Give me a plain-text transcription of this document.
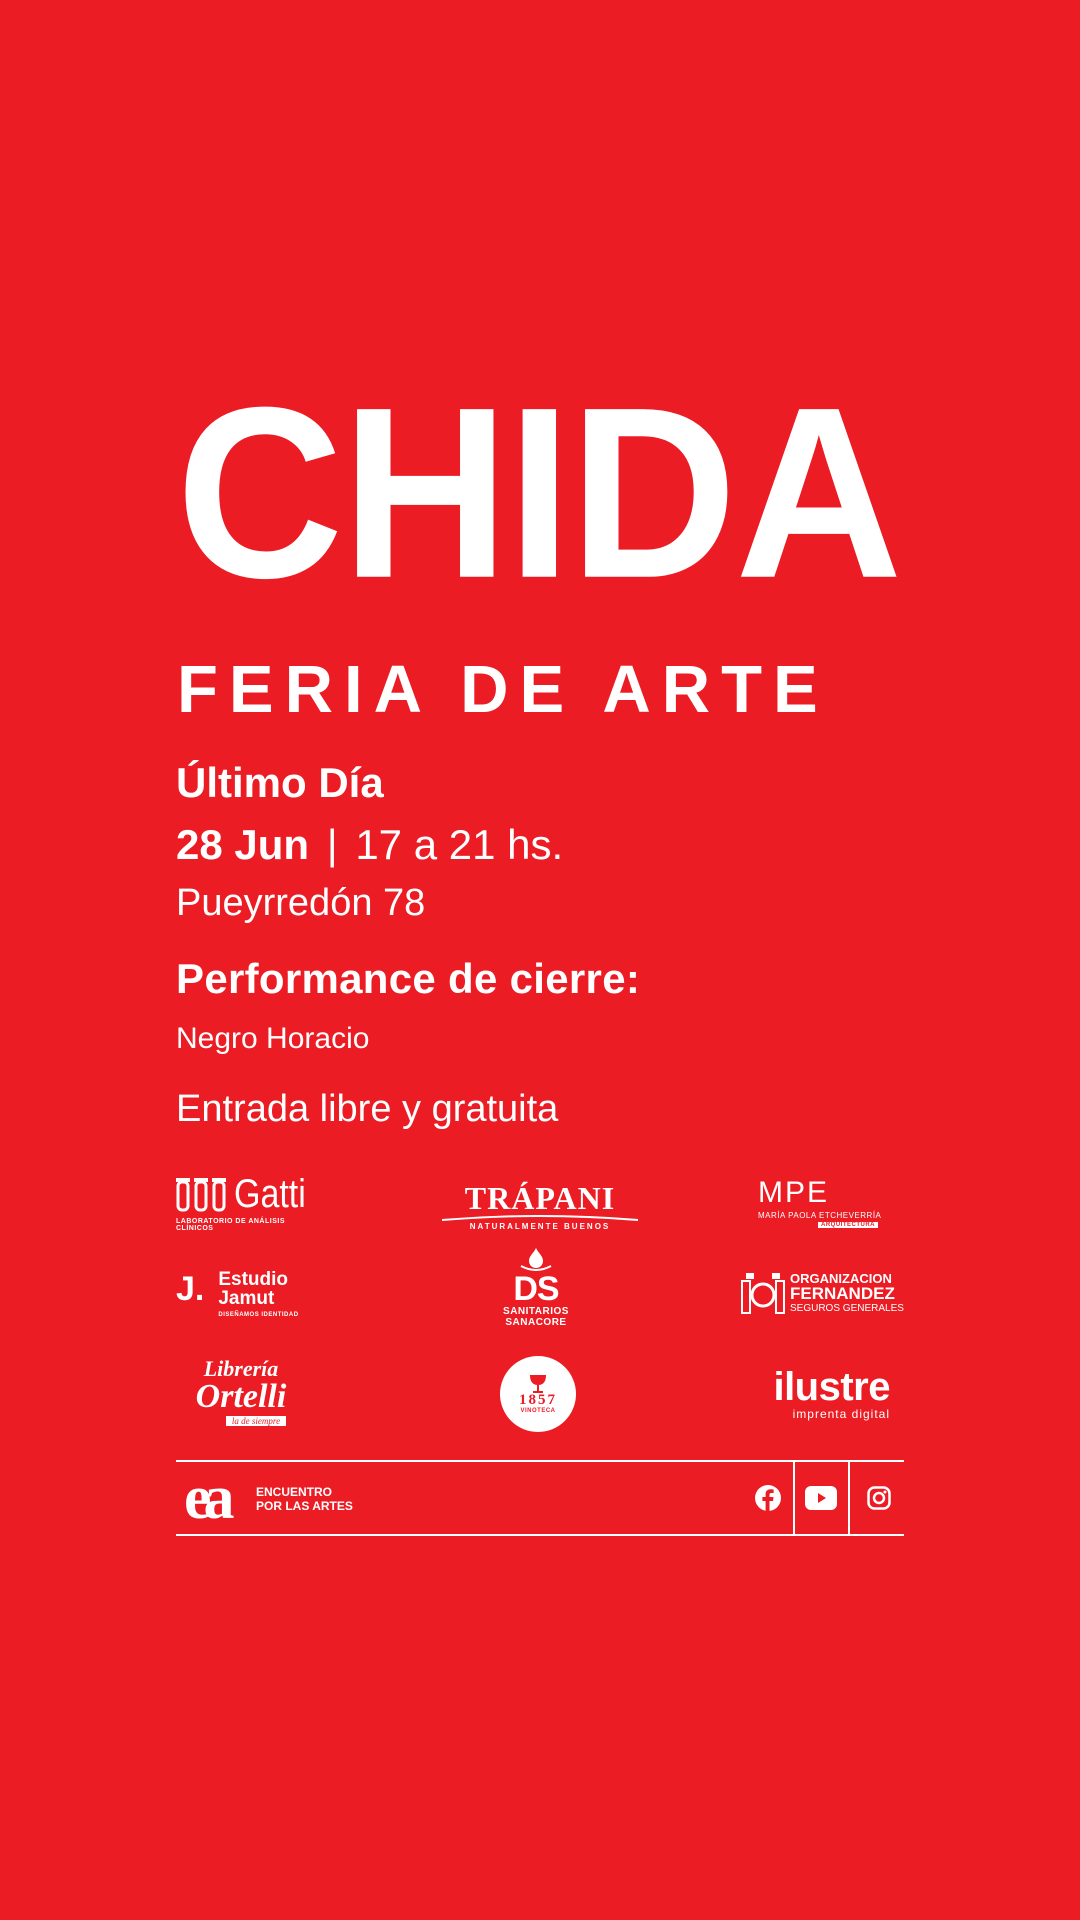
CHIDA
FERIA DE ARTE
Último Día
28 Jun | 17 a 21 hs.
Pueyrredón 78
Performance de cierre:
Negro Horacio
Entrada libre y gratuita
Gatti
LABORATORIO DE ANÁLISIS CLÍNICOS
TRÁPANI
NATURALMENTE BUENOS
MPE
MARÍA PAOLA ETCHEVERRÍA
ARQUITECTURA
J. Estudio
Jamut
DISEÑAMOS IDENTIDAD
DS
SANITARIOS
SANACORE
ORGANIZACION
FERNANDEZ
SEGUROS GENERALES
Librería
Ortelli
la de siempre
1857
VINOTECA
ilustre
imprenta digital
ea ENCUENTRO
POR LAS ARTES
